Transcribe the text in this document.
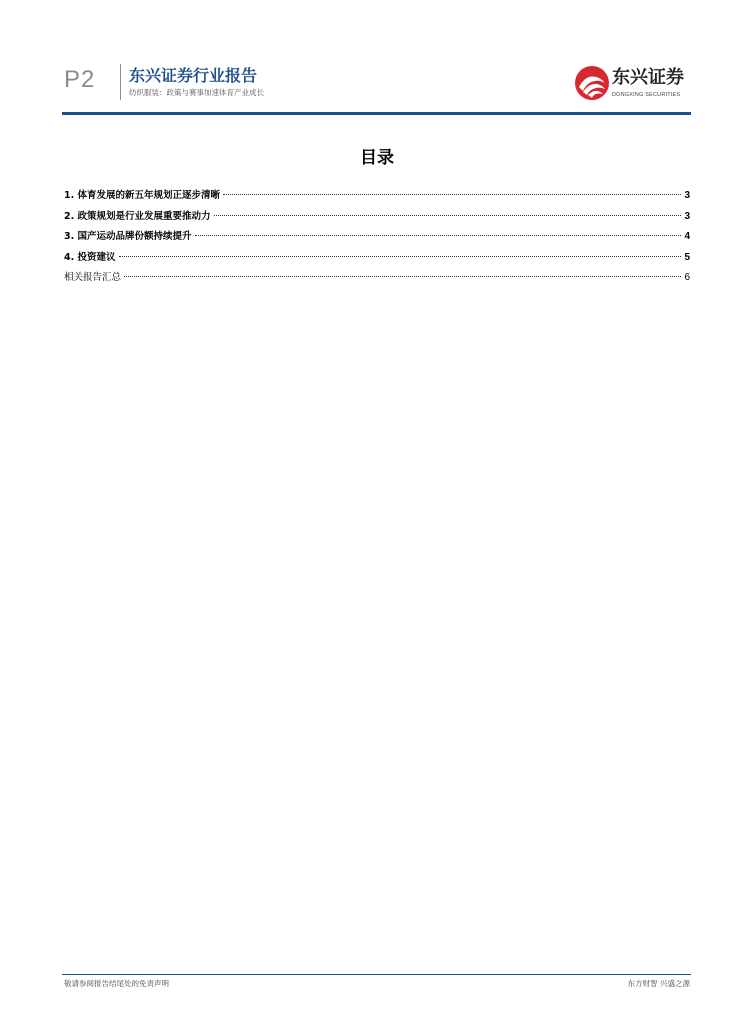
P2 东兴证券行业报告
纺织服装：政策与赛事加速体育产业成长
东兴证券
DONGXING SECURITIES
目录
1. 体育发展的新五年规划正逐步清晰	3
2. 政策规划是行业发展重要推动力	3
3. 国产运动品牌份额持续提升	4
4. 投资建议	5
相关报告汇总	6
敬请参阅报告结尾处的免责声明	东方财智 兴盛之源
